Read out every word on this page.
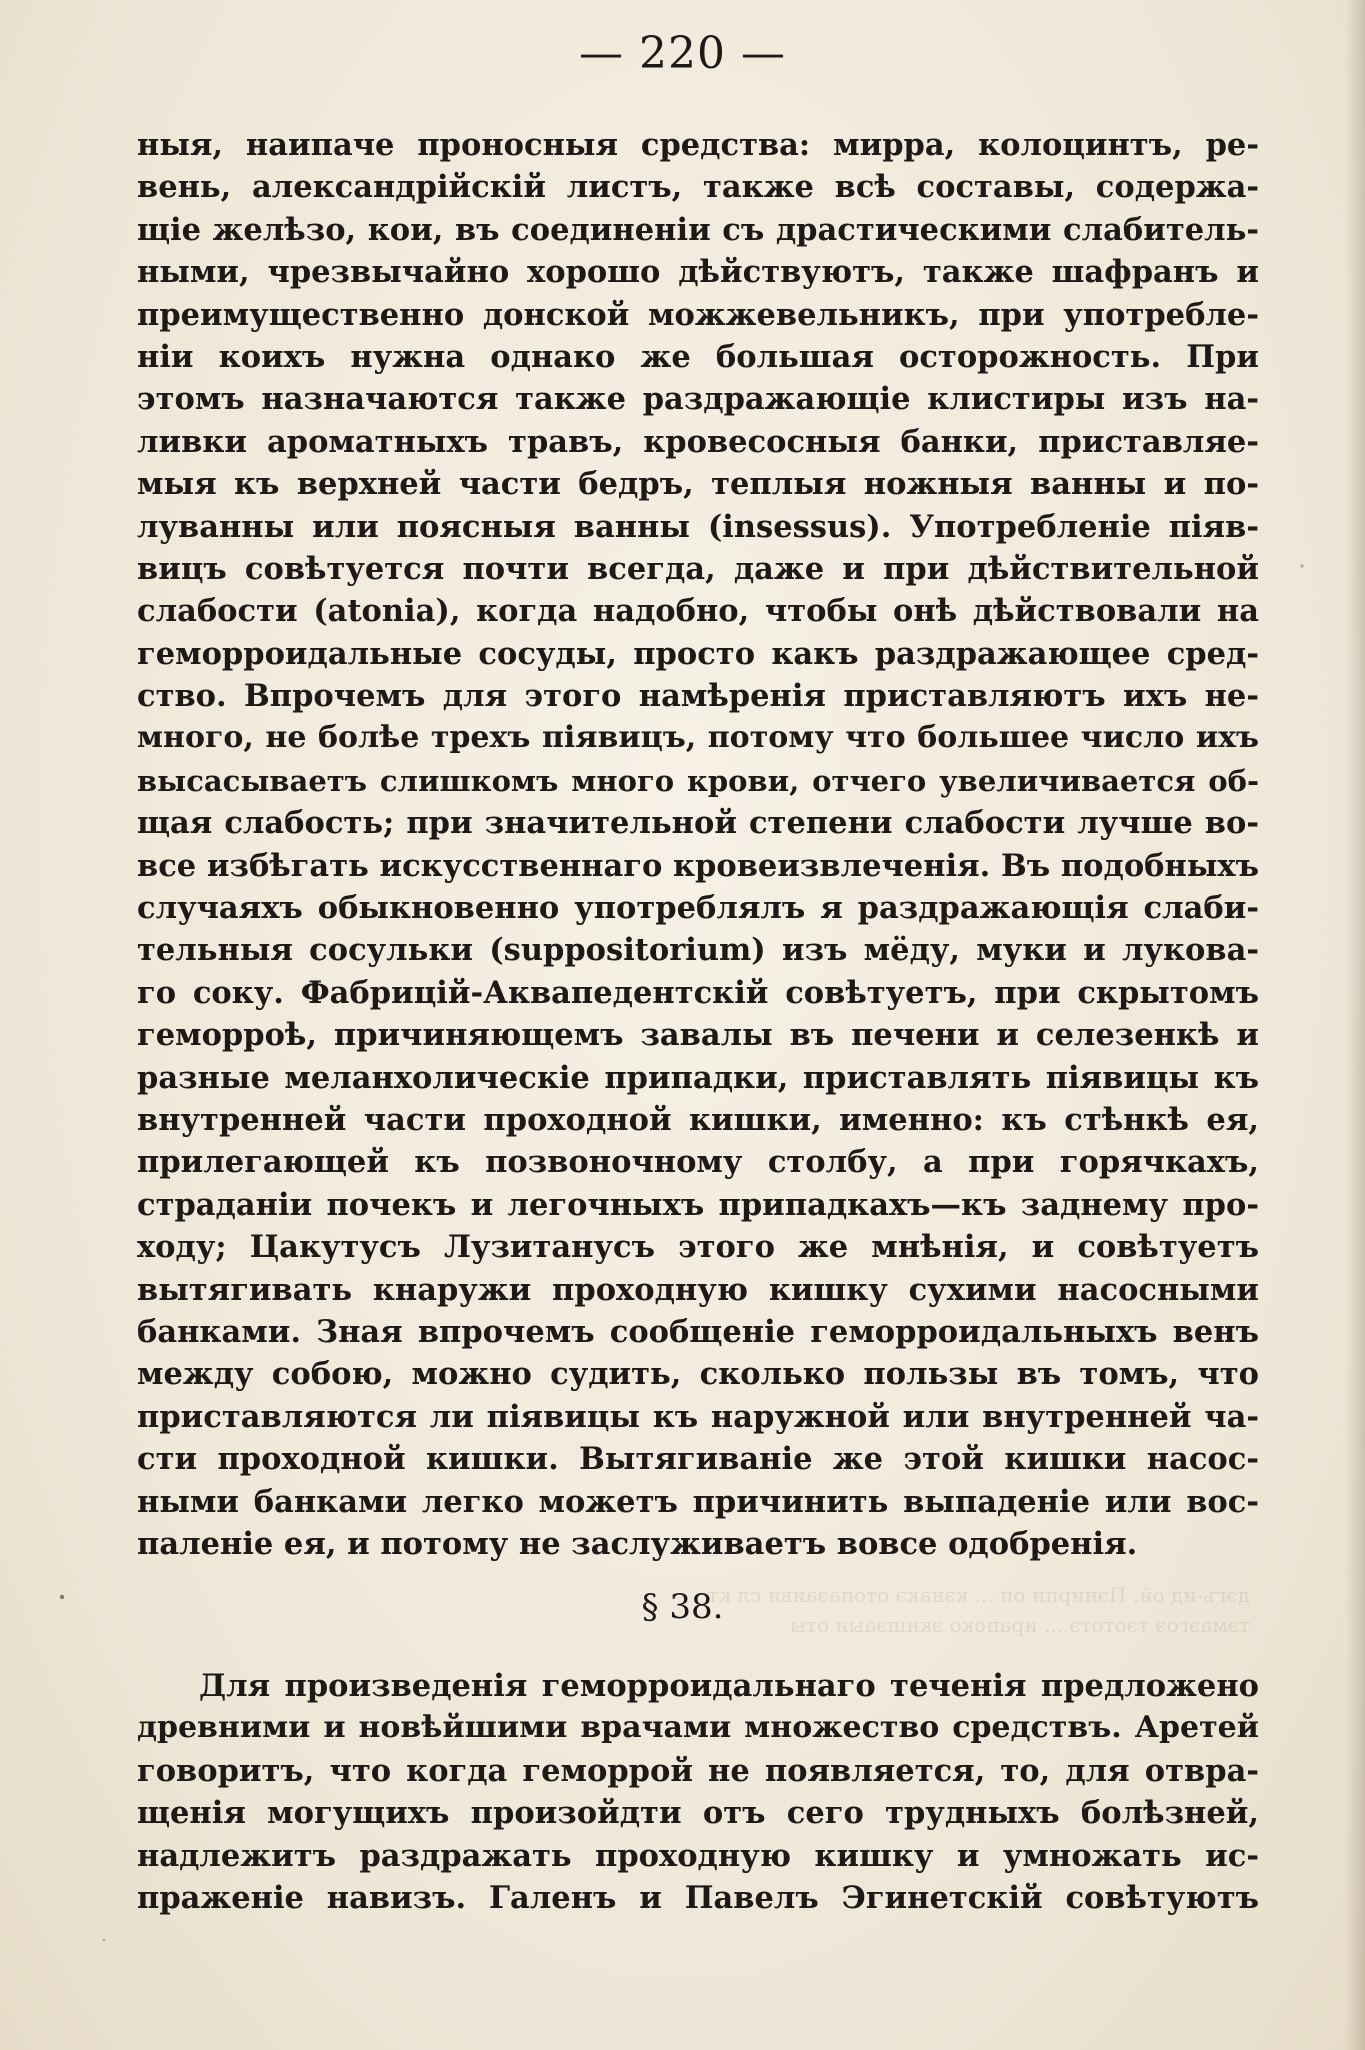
— 220 —
ныя, наипаче проносныя средства: мирра, колоцинтъ, ре-
вень, александрійскій листъ, также всѣ составы, содержа-
щіе желѣзо, кои, въ соединеніи съ драстическими слабитель-
ными, чрезвычайно хорошо дѣйствуютъ, также шафранъ и
преимущественно донской можжевельникъ, при употребле-
ніи коихъ нужна однако же большая осторожность. При
этомъ назначаются также раздражающіе клистиры изъ на-
ливки ароматныхъ травъ, кровесосныя банки, приставляе-
мыя къ верхней части бедръ, теплыя ножныя ванны и по-
луванны или поясныя ванны (insessus). Употребленіе піяв-
вицъ совѣтуется почти всегда, даже и при дѣйствительной
слабости (atonia), когда надобно, чтобы онѣ дѣйствовали на
геморроидальные сосуды, просто какъ раздражающее сред-
ство. Впрочемъ для этого намѣренія приставляютъ ихъ не-
много, не болѣе трехъ піявицъ, потому что большее число ихъ
высасываетъ слишкомъ много крови, отчего увеличивается об-
щая слабость; при значительной степени слабости лучше во-
все избѣгать искусственнаго кровеизвлеченія. Въ подобныхъ
случаяхъ обыкновенно употреблялъ я раздражающія слаби-
тельныя сосульки (suppositorium) изъ мёду, муки и лукова-
го соку. Фабрицій-Аквапедентскій совѣтуетъ, при скрытомъ
геморроѣ, причиняющемъ завалы въ печени и селезенкѣ и
разные меланхолическіе припадки, приставлять піявицы къ
внутренней части проходной кишки, именно: къ стѣнкѣ ея,
прилегающей къ позвоночному столбу, а при горячкахъ,
страданіи почекъ и легочныхъ припадкахъ—къ заднему про-
ходу; Цакутусъ Лузитанусъ этого же мнѣнія, и совѣтуетъ
вытягивать кнаружи проходную кишку сухими насосными
банками. Зная впрочемъ сообщеніе геморроидальныхъ венъ
между собою, можно судить, сколько пользы въ томъ, что
приставляются ли піявицы къ наружной или внутренней ча-
сти проходной кишки. Вытягиваніе же этой кишки насос-
ными банками легко можетъ причинить выпаденіе или вос-
паленіе ея, и потому не заслуживаетъ вовсе одобренія.
§ 38.
дэгъ-ид ой. Пэнирпи оп ... кэнакэ отопаэаиви сл кт
тэмаэгоэ тэототэ ... ирапоко экншэаыи оты
Для произведенія геморроидальнаго теченія предложено
древними и новѣйшими врачами множество средствъ. Аретей
говоритъ, что когда геморрой не появляется, то, для отвра-
щенія могущихъ произойдти отъ сего трудныхъ болѣзней,
надлежитъ раздражать проходную кишку и умножать ис-
праженіе навизъ. Галенъ и Павелъ Эгинетскій совѣтуютъ
